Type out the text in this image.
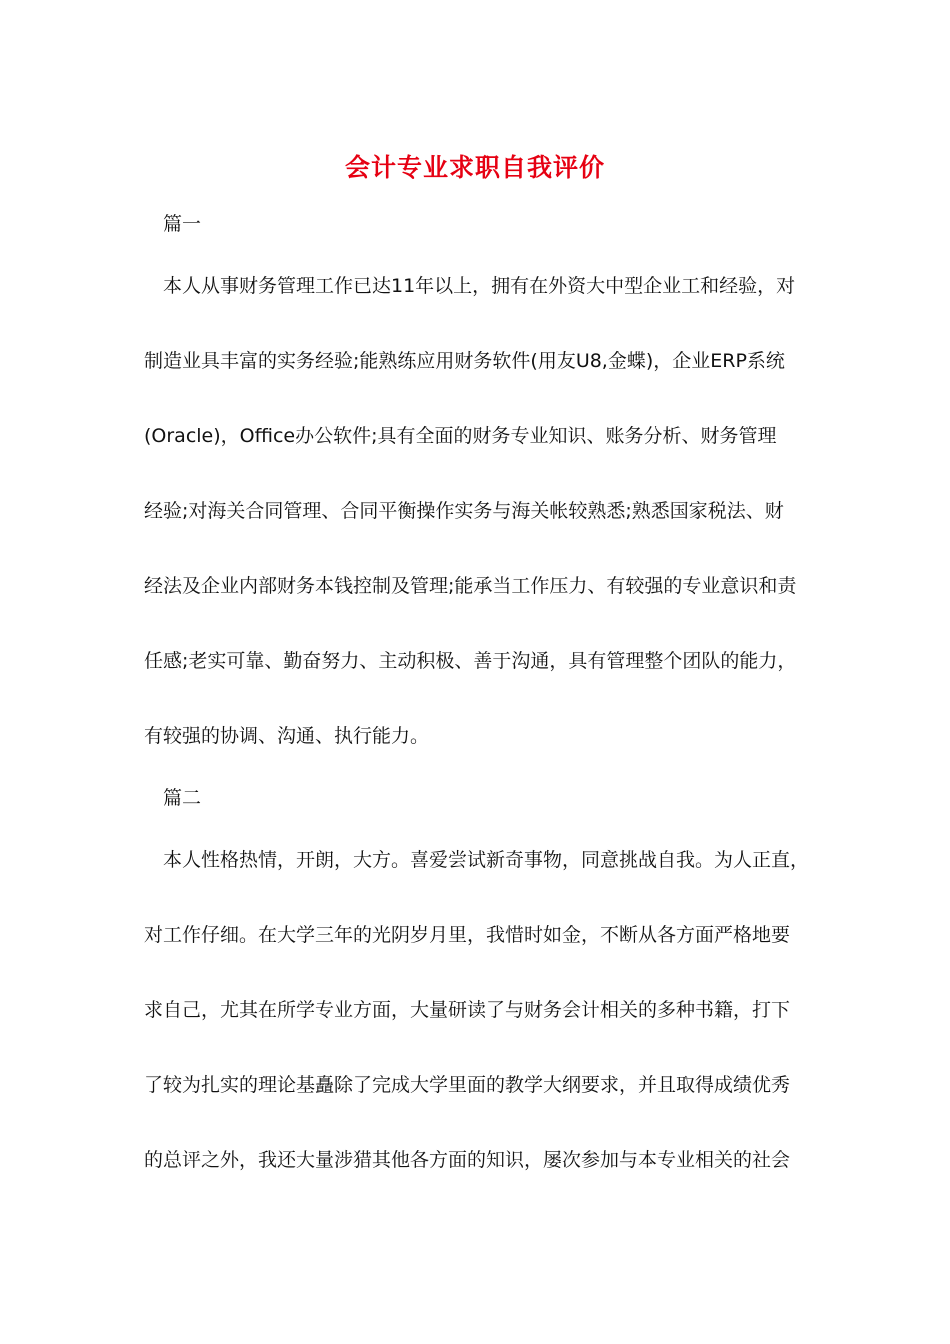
会计专业求职自我评价
篇一
本人从事财务管理工作已达11年以上，拥有在外资大中型企业工和经验，对
制造业具丰富的实务经验;能熟练应用财务软件(用友U8,金蝶)，企业ERP系统
(Oracle)，Office办公软件;具有全面的财务专业知识、账务分析、财务管理
经验;对海关合同管理、合同平衡操作实务与海关帐较熟悉;熟悉国家税法、财
经法及企业内部财务本钱控制及管理;能承当工作压力、有较强的专业意识和责
任感;老实可靠、勤奋努力、主动积极、善于沟通，具有管理整个团队的能力，
有较强的协调、沟通、执行能力。
篇二
本人性格热情，开朗，大方。喜爱尝试新奇事物，同意挑战自我。为人正直，
对工作仔细。在大学三年的光阴岁月里，我惜时如金，不断从各方面严格地要
求自己，尤其在所学专业方面，大量研读了与财务会计相关的多种书籍，打下
了较为扎实的理论基矗除了完成大学里面的教学大纲要求，并且取得成绩优秀
的总评之外，我还大量涉猎其他各方面的知识，屡次参加与本专业相关的社会
